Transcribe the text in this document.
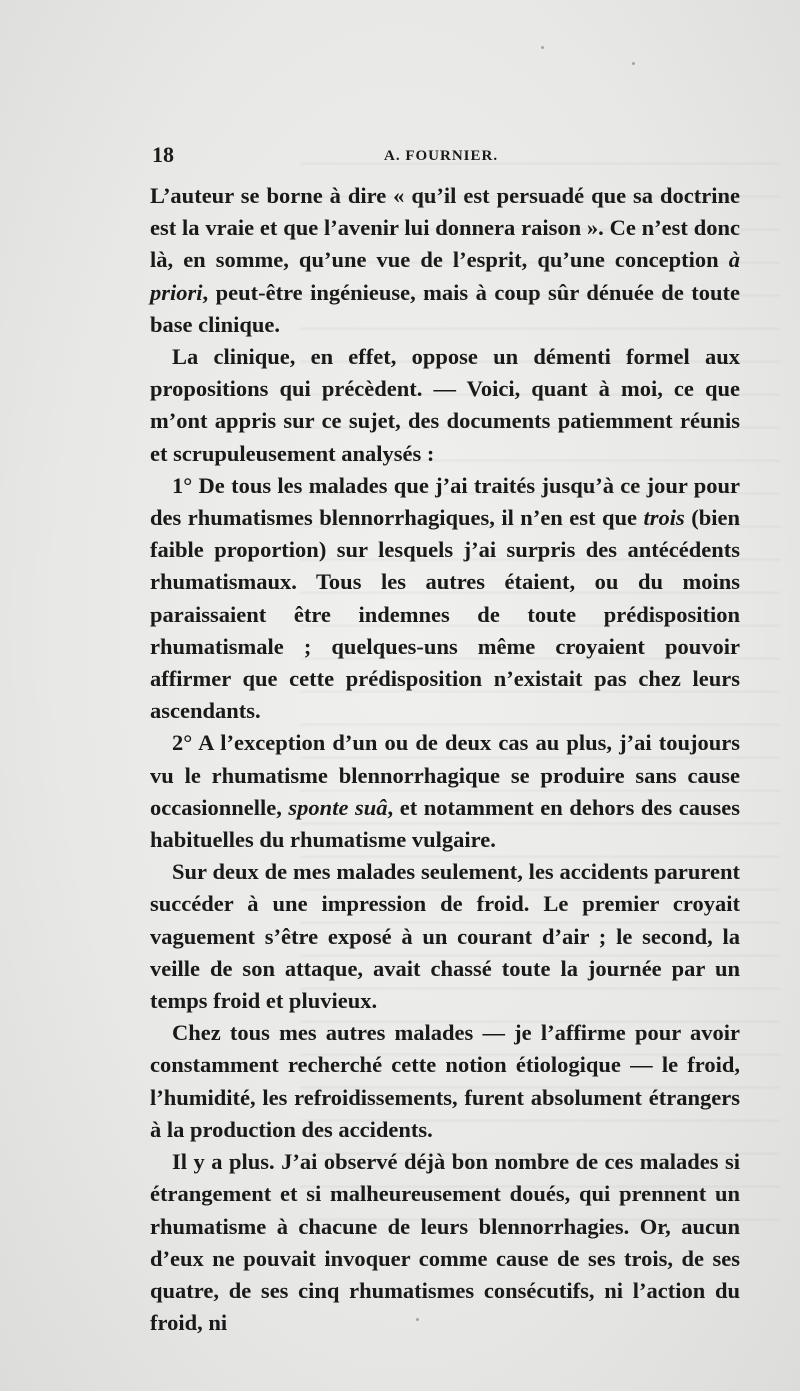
18	A. FOURNIER.

L’auteur se borne à dire « qu’il est persuadé que sa doctrine est la vraie et que l’avenir lui donnera raison ». Ce n’est donc là, en somme, qu’une vue de l’esprit, qu’une conception à priori, peut-être ingénieuse, mais à coup sûr dénuée de toute base clinique.

La clinique, en effet, oppose un démenti formel aux propositions qui précèdent. — Voici, quant à moi, ce que m’ont appris sur ce sujet, des documents patiemment réunis et scrupuleusement analysés :

1° De tous les malades que j’ai traités jusqu’à ce jour pour des rhumatismes blennorrhagiques, il n’en est que trois (bien faible proportion) sur lesquels j’ai surpris des antécédents rhumatismaux. Tous les autres étaient, ou du moins paraissaient être indemnes de toute prédisposition rhumatismale ; quelques-uns même croyaient pouvoir affirmer que cette prédisposition n’existait pas chez leurs ascendants.

2° A l’exception d’un ou de deux cas au plus, j’ai toujours vu le rhumatisme blennorrhagique se produire sans cause occasionnelle, sponte suâ, et notamment en dehors des causes habituelles du rhumatisme vulgaire.

Sur deux de mes malades seulement, les accidents parurent succéder à une impression de froid. Le premier croyait vaguement s’être exposé à un courant d’air ; le second, la veille de son attaque, avait chassé toute la journée par un temps froid et pluvieux.

Chez tous mes autres malades — je l’affirme pour avoir constamment recherché cette notion étiologique — le froid, l’humidité, les refroidissements, furent absolument étrangers à la production des accidents.

Il y a plus. J’ai observé déjà bon nombre de ces malades si étrangement et si malheureusement doués, qui prennent un rhumatisme à chacune de leurs blennorrhagies. Or, aucun d’eux ne pouvait invoquer comme cause de ses trois, de ses quatre, de ses cinq rhumatismes consécutifs, ni l’action du froid, ni
